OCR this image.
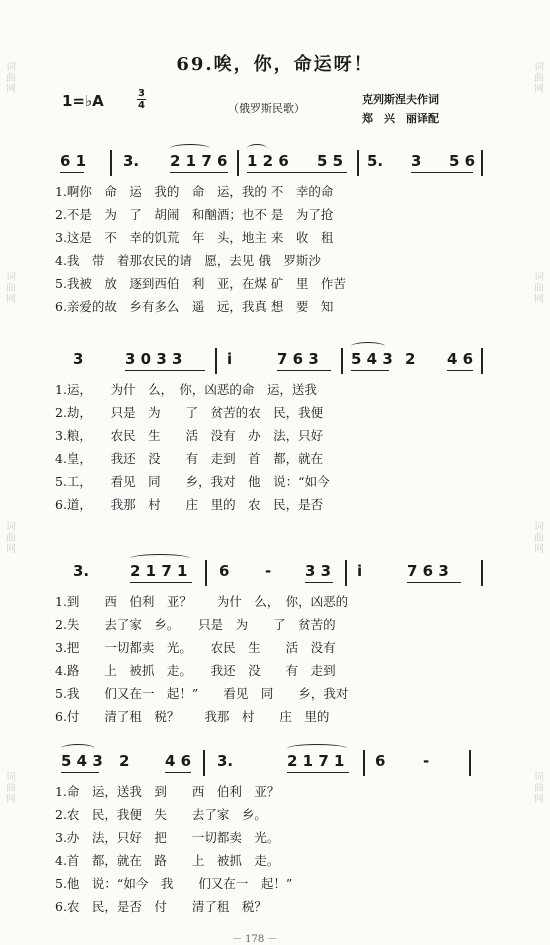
词
曲
网
词
曲
网
词
曲
网
词
曲
网
词
曲
网
词
曲
网
词
曲
网
词
曲
网
69.唉，你，命运呀！
1=♭A	3
4	（俄罗斯民歌）
克列斯涅夫作词
郑　兴　丽译配
6 1 3. 2 1 7 6 1 2 6 5 5 5. 3 5 6
1.啊你　命　运　我的　命　运，我的 不　幸的命
2.不是　为　了　胡闹　和酗酒；也不 是　为了抢
3.这是　不　幸的饥荒　年　头，地主 来　收　租
4.我　带　着那农民的请　愿，去见 俄　罗斯沙
5.我被　放　逐到西伯　利　亚，在煤 矿　里　作苦
6.亲爱的故　乡有多么　遥　远，我真 想　要　知
3	3 0 3 3	i	7 6 3 5 4 3 2 4 6
1.运，　　为什　么，　你，凶恶的命　运，送我
2.劫，　　只是　为　　了　贫苦的农　民，我便
3.粮，　　农民　生　　活　没有　办　法，只好
4.皇，　　我还　没　　有　走到　首　都，就在
5.工，　　看见　同　　乡，我对　他　说：“如今
6.道，　　我那　村　　庄　里的　农　民，是否
3.	2 1 7 1 6 - 3 3 i	7 6 3
1.到　　西　伯利　亚？　　为什　么，　你，凶恶的
2.失　　去了家　乡。　　只是　为　　了　贫苦的
3.把　　一切都卖　光。　　农民　生　　活　没有
4.路　　上　被抓　走。　　我还　没　　有　走到
5.我　　们又在一　起！”　　看见　同　　乡，我对
6.付　　清了租　税？　　我那　村　　庄　里的
5 4 3 2 4 6 3.	2 1 7 1 6	-
1.命　运，送我　到　　西　伯利　亚？
2.农　民，我便　失　　去了家　乡。
3.办　法，只好　把　　一切都卖　光。
4.首　都，就在　路　　上　被抓　走。
5.他　说：“如今　我　　们又在一　起！”
6.农　民，是否　付　　清了租　税？
－ 178 －
